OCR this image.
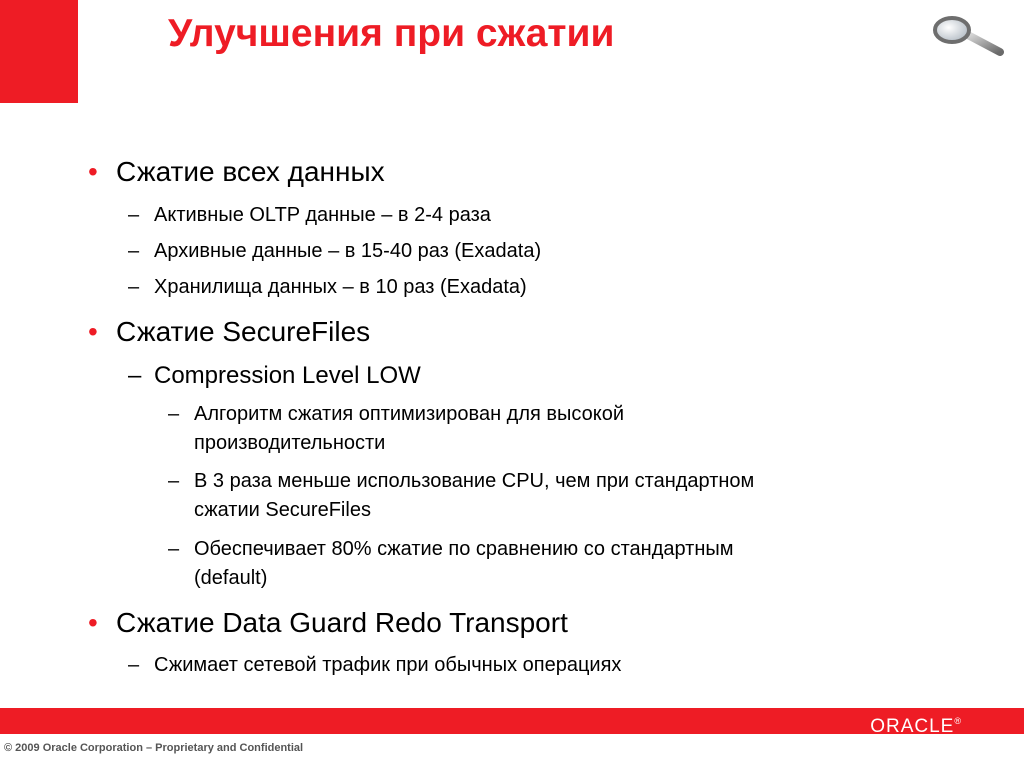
Улучшения при сжатии
• Сжатие всех данных
– Активные OLTP данные – в 2-4 раза
– Архивные данные – в 15-40 раз (Exadata)
– Хранилища данных – в 10 раз (Exadata)
• Сжатие SecureFiles
– Compression Level LOW
– Алгоритм сжатия оптимизирован для высокой
производительности
– В 3 раза меньше использование CPU, чем при стандартном
сжатии SecureFiles
– Обеспечивает 80% сжатие по сравнению со стандартным
(default)
• Сжатие Data Guard Redo Transport
– Сжимает сетевой трафик при обычных операциях
ORACLE®
© 2009 Oracle Corporation – Proprietary and Confidential
